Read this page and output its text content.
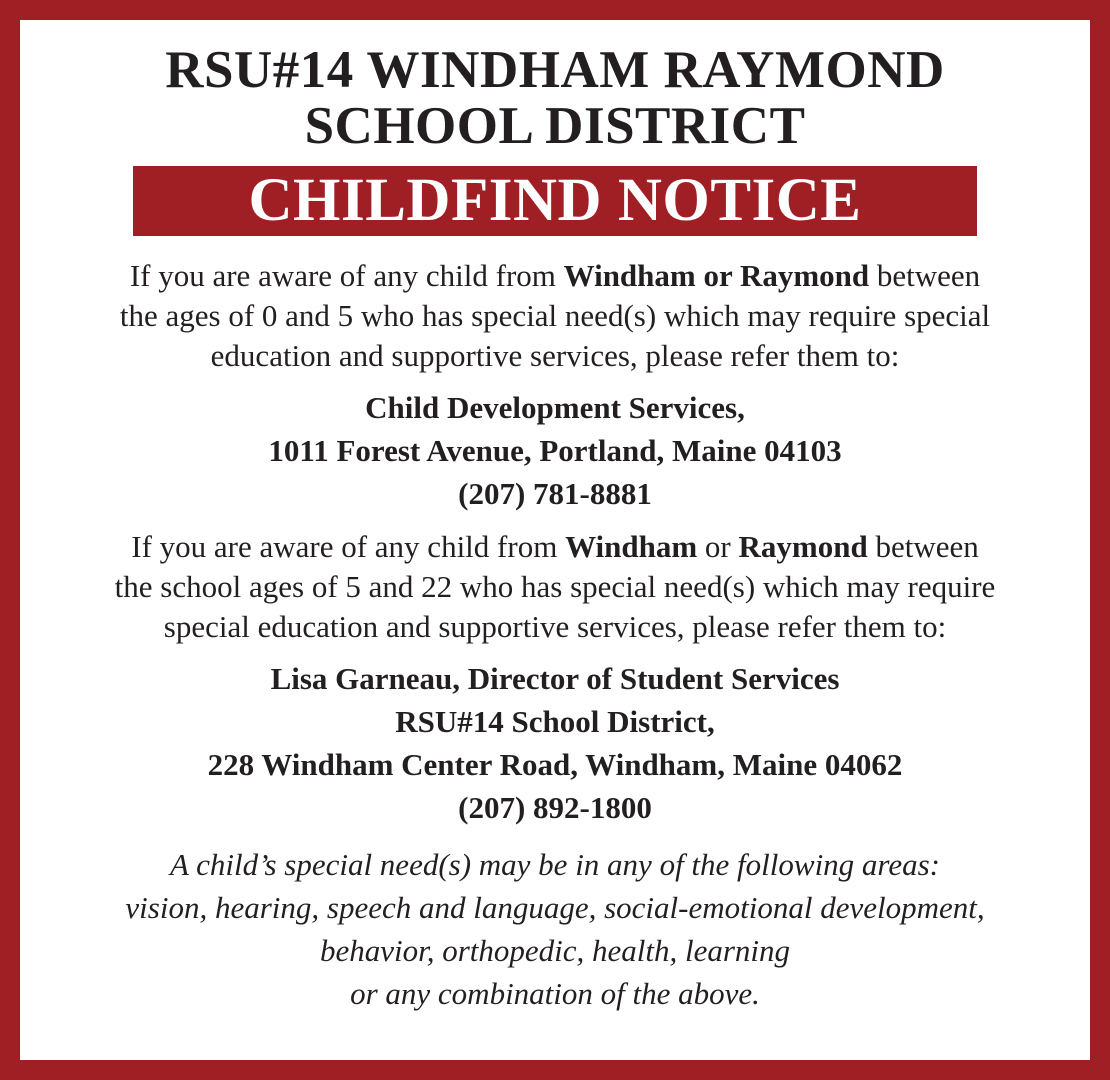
RSU#14 WINDHAM RAYMOND
SCHOOL DISTRICT
CHILDFIND NOTICE
If you are aware of any child from Windham or Raymond between
the ages of 0 and 5 who has special need(s) which may require special
education and supportive services, please refer them to:
Child Development Services,
1011 Forest Avenue, Portland, Maine 04103
(207) 781-8881
If you are aware of any child from Windham or Raymond between
the school ages of 5 and 22 who has special need(s) which may require
special education and supportive services, please refer them to:
Lisa Garneau, Director of Student Services
RSU#14 School District,
228 Windham Center Road, Windham, Maine 04062
(207) 892-1800
A child’s special need(s) may be in any of the following areas:
vision, hearing, speech and language, social-emotional development,
behavior, orthopedic, health, learning
or any combination of the above.
